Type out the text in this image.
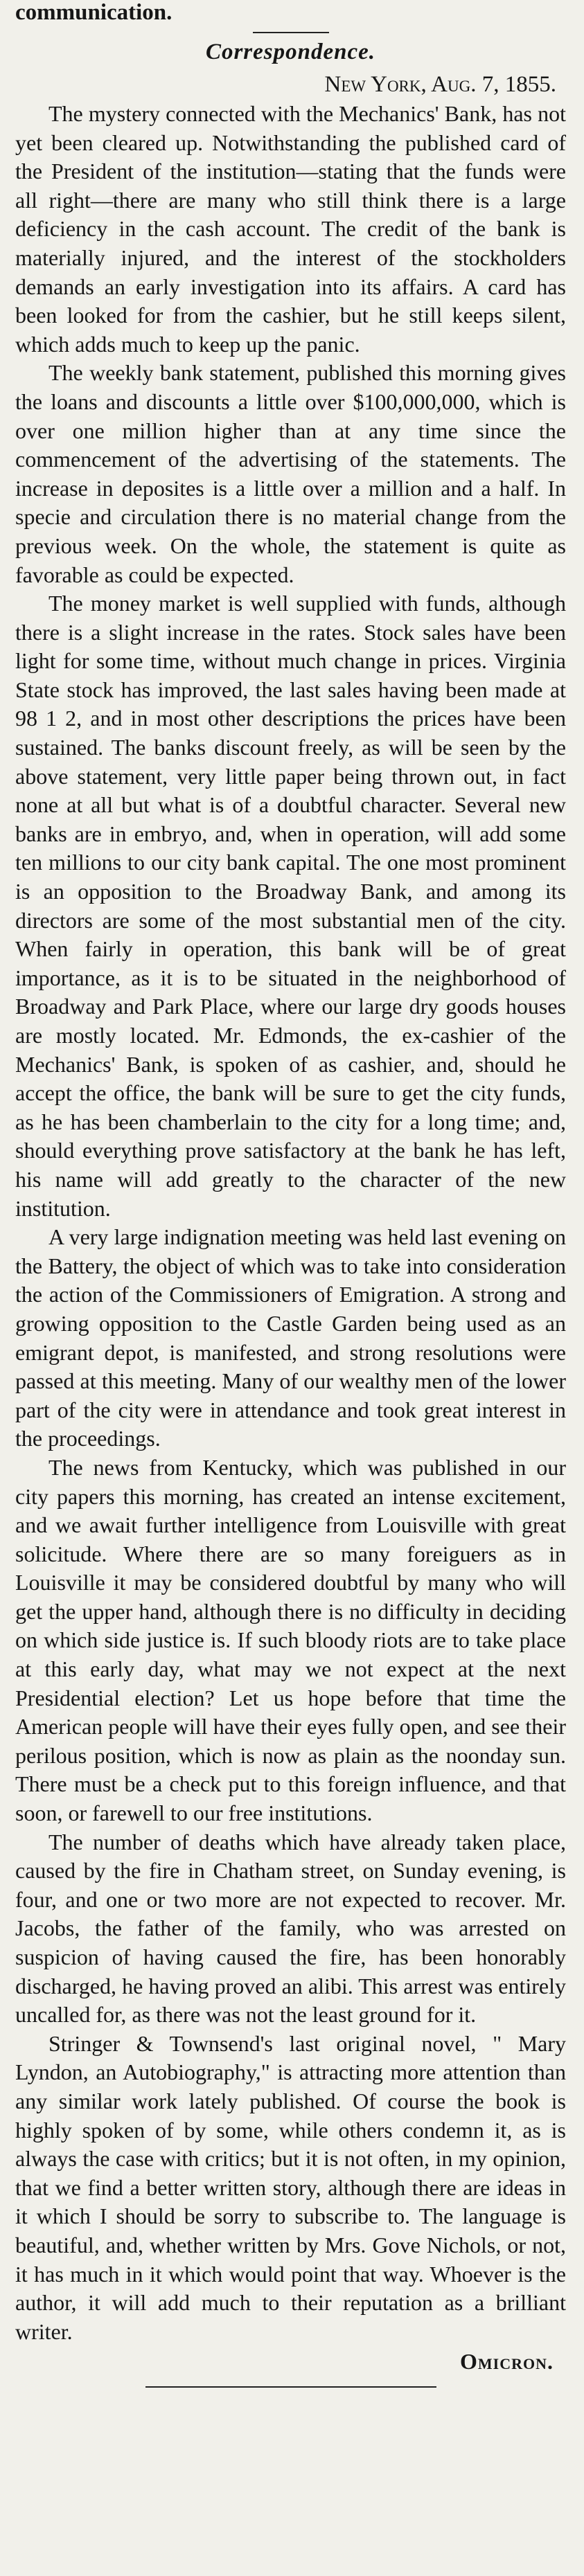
communication.

Correspondence.

New York, Aug. 7, 1855.

The mystery connected with the Mechanics' Bank, has not yet been cleared up. Notwithstanding the published card of the President of the institution—stating that the funds were all right—there are many who still think there is a large deficiency in the cash account. The credit of the bank is materially injured, and the interest of the stockholders demands an early investigation into its affairs. A card has been looked for from the cashier, but he still keeps silent, which adds much to keep up the panic.

The weekly bank statement, published this morning gives the loans and discounts a little over $100,000,000, which is over one million higher than at any time since the commencement of the advertising of the statements. The increase in deposites is a little over a million and a half. In specie and circulation there is no material change from the previous week. On the whole, the statement is quite as favorable as could be expected.

The money market is well supplied with funds, although there is a slight increase in the rates. Stock sales have been light for some time, without much change in prices. Virginia State stock has improved, the last sales having been made at 98 1 2, and in most other descriptions the prices have been sustained. The banks discount freely, as will be seen by the above statement, very little paper being thrown out, in fact none at all but what is of a doubtful character. Several new banks are in embryo, and, when in operation, will add some ten millions to our city bank capital. The one most prominent is an opposition to the Broadway Bank, and among its directors are some of the most substantial men of the city. When fairly in operation, this bank will be of great importance, as it is to be situated in the neighborhood of Broadway and Park Place, where our large dry goods houses are mostly located. Mr. Edmonds, the ex-cashier of the Mechanics' Bank, is spoken of as cashier, and, should he accept the office, the bank will be sure to get the city funds, as he has been chamberlain to the city for a long time; and, should everything prove satisfactory at the bank he has left, his name will add greatly to the character of the new institution.

A very large indignation meeting was held last evening on the Battery, the object of which was to take into consideration the action of the Commissioners of Emigration. A strong and growing opposition to the Castle Garden being used as an emigrant depot, is manifested, and strong resolutions were passed at this meeting. Many of our wealthy men of the lower part of the city were in attendance and took great interest in the proceedings.

The news from Kentucky, which was published in our city papers this morning, has created an intense excitement, and we await further intelligence from Louisville with great solicitude. Where there are so many foreiguers as in Louisville it may be considered doubtful by many who will get the upper hand, although there is no difficulty in deciding on which side justice is. If such bloody riots are to take place at this early day, what may we not expect at the next Presidential election? Let us hope before that time the American people will have their eyes fully open, and see their perilous position, which is now as plain as the noonday sun. There must be a check put to this foreign influence, and that soon, or farewell to our free institutions.

The number of deaths which have already taken place, caused by the fire in Chatham street, on Sunday evening, is four, and one or two more are not expected to recover. Mr. Jacobs, the father of the family, who was arrested on suspicion of having caused the fire, has been honorably discharged, he having proved an alibi. This arrest was entirely uncalled for, as there was not the least ground for it.

Stringer & Townsend's last original novel, " Mary Lyndon, an Autobiography," is attracting more attention than any similar work lately published. Of course the book is highly spoken of by some, while others condemn it, as is always the case with critics; but it is not often, in my opinion, that we find a better written story, although there are ideas in it which I should be sorry to subscribe to. The language is beautiful, and, whether written by Mrs. Gove Nichols, or not, it has much in it which would point that way. Whoever is the author, it will add much to their reputation as a brilliant writer.

Omicron.
